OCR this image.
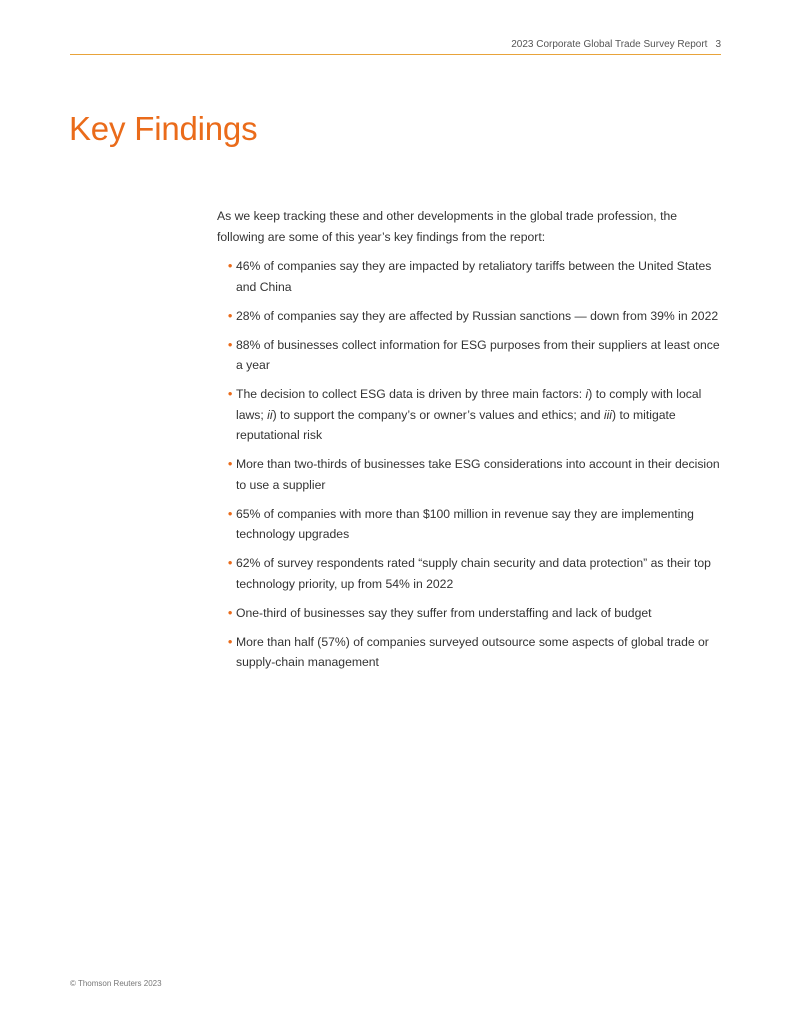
2023 Corporate Global Trade Survey Report 3
Key Findings

As we keep tracking these and other developments in the global trade profession, the following are some of this year’s key findings from the report:

• 46% of companies say they are impacted by retaliatory tariffs between the United States and China
• 28% of companies say they are affected by Russian sanctions — down from 39% in 2022
• 88% of businesses collect information for ESG purposes from their suppliers at least once a year
• The decision to collect ESG data is driven by three main factors: i) to comply with local laws; ii) to support the company’s or owner’s values and ethics; and iii) to mitigate reputational risk
• More than two-thirds of businesses take ESG considerations into account in their decision to use a supplier
• 65% of companies with more than $100 million in revenue say they are implementing technology upgrades
• 62% of survey respondents rated “supply chain security and data protection” as their top technology priority, up from 54% in 2022
• One-third of businesses say they suffer from understaffing and lack of budget
• More than half (57%) of companies surveyed outsource some aspects of global trade or supply-chain management
© Thomson Reuters 2023
